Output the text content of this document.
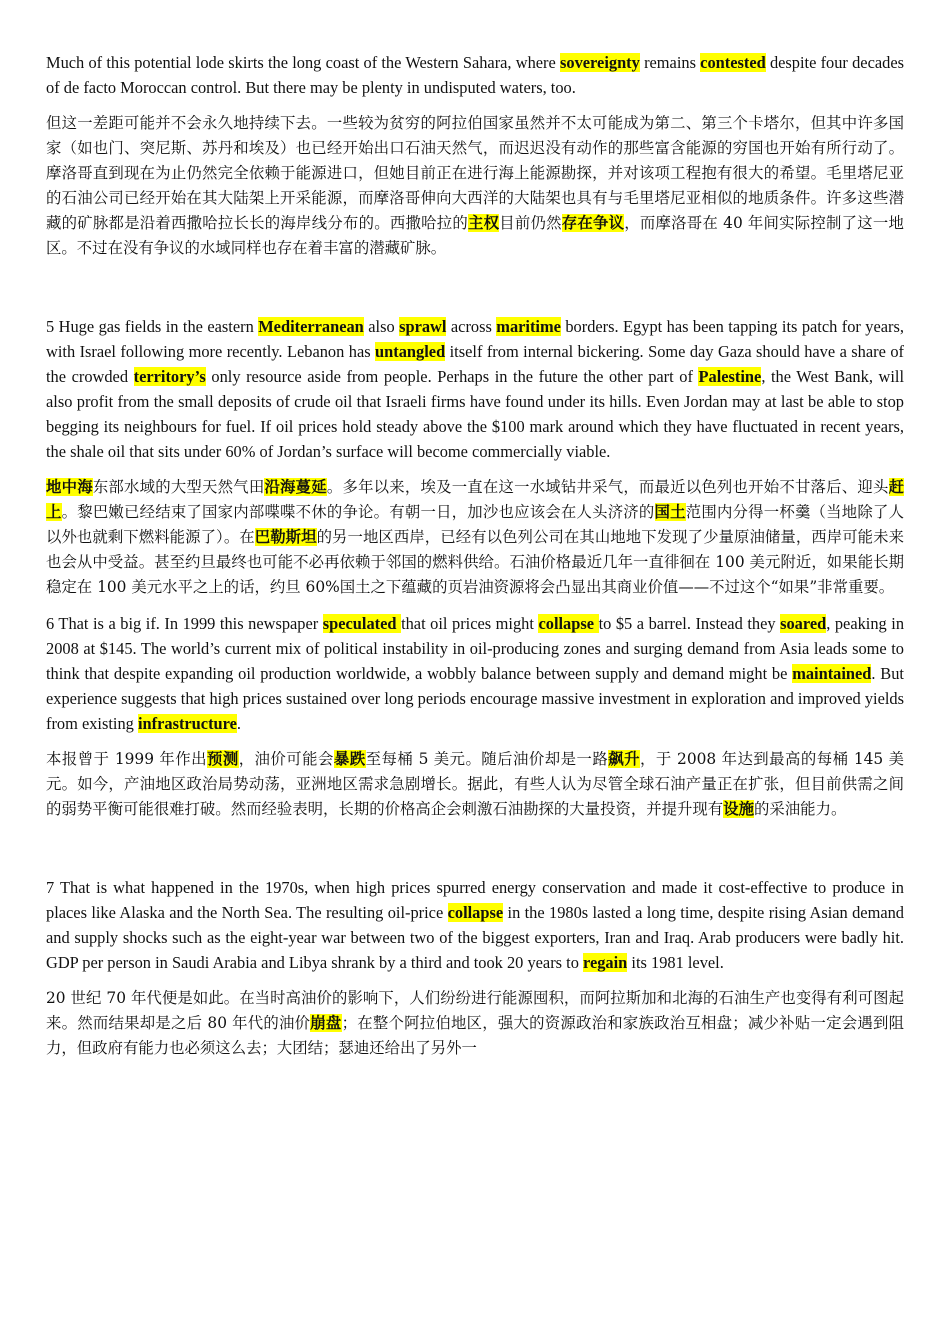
Much of this potential lode skirts the long coast of the Western Sahara, where sovereignty remains contested despite four decades of de facto Moroccan control. But there may be plenty in undisputed waters, too.

但这一差距可能并不会永久地持续下去。一些较为贫穷的阿拉伯国家虽然并不太可能成为第二、第三个卡塔尔，但其中许多国家（如也门、突尼斯、苏丹和埃及）也已经开始出口石油天然气，而迟迟没有动作的那些富含能源的穷国也开始有所行动了。摩洛哥直到现在为止仍然完全依赖于能源进口，但她目前正在进行海上能源勘探，并对该项工程抱有很大的希望。毛里塔尼亚的石油公司已经开始在其大陆架上开采能源，而摩洛哥伸向大西洋的大陆架也具有与毛里塔尼亚相似的地质条件。许多这些潜藏的矿脉都是沿着西撒哈拉长长的海岸线分布的。西撒哈拉的主权目前仍然存在争议，而摩洛哥在 40 年间实际控制了这一地区。不过在没有争议的水域同样也存在着丰富的潜藏矿脉。

5 Huge gas fields in the eastern Mediterranean also sprawl across maritime borders. Egypt has been tapping its patch for years, with Israel following more recently. Lebanon has untangled itself from internal bickering. Some day Gaza should have a share of the crowded territory’s only resource aside from people. Perhaps in the future the other part of Palestine, the West Bank, will also profit from the small deposits of crude oil that Israeli firms have found under its hills. Even Jordan may at last be able to stop begging its neighbours for fuel. If oil prices hold steady above the $100 mark around which they have fluctuated in recent years, the shale oil that sits under 60% of Jordan’s surface will become commercially viable.

地中海东部水域的大型天然气田沿海蔓延。多年以来，埃及一直在这一水域钻井采气，而最近以色列也开始不甘落后、迎头赶上。黎巴嫩已经结束了国家内部喋喋不休的争论。有朝一日，加沙也应该会在人头济济的国土范围内分得一杯羹（当地除了人以外也就剩下燃料能源了）。在巴勒斯坦的另一地区西岸，已经有以色列公司在其山地地下发现了少量原油储量，西岸可能未来也会从中受益。甚至约旦最终也可能不必再依赖于邻国的燃料供给。石油价格最近几年一直徘徊在 100 美元附近，如果能长期稳定在 100 美元水平之上的话，约旦 60%国土之下蕴藏的页岩油资源将会凸显出其商业价值——不过这个“如果”非常重要。

6 That is a big if. In 1999 this newspaper speculated that oil prices might collapse to $5 a barrel. Instead they soared, peaking in 2008 at $145. The world’s current mix of political instability in oil-producing zones and surging demand from Asia leads some to think that despite expanding oil production worldwide, a wobbly balance between supply and demand might be maintained. But experience suggests that high prices sustained over long periods encourage massive investment in exploration and improved yields from existing infrastructure.

本报曾于 1999 年作出预测，油价可能会暴跌至每桶 5 美元。随后油价却是一路飙升，于 2008 年达到最高的每桶 145 美元。如今，产油地区政治局势动荡，亚洲地区需求急剧增长。据此，有些人认为尽管全球石油产量正在扩张，但目前供需之间的弱势平衡可能很难打破。然而经验表明，长期的价格高企会刺激石油勘探的大量投资，并提升现有设施的采油能力。

7 That is what happened in the 1970s, when high prices spurred energy conservation and made it cost-effective to produce in places like Alaska and the North Sea. The resulting oil-price collapse in the 1980s lasted a long time, despite rising Asian demand and supply shocks such as the eight-year war between two of the biggest exporters, Iran and Iraq. Arab producers were badly hit. GDP per person in Saudi Arabia and Libya shrank by a third and took 20 years to regain its 1981 level.

20 世纪 70 年代便是如此。在当时高油价的影响下，人们纷纷进行能源囤积，而阿拉斯加和北海的石油生产也变得有利可图起来。然而结果却是之后 80 年代的油价崩盘；在整个阿拉伯地区，强大的资源政治和家族政治互相盘；减少补贴一定会遇到阻力，但政府有能力也必须这么去；大团结；瑟迪还给出了另外一
